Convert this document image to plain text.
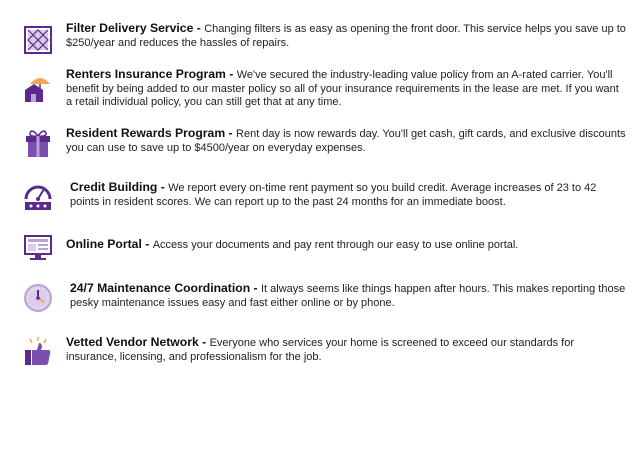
Filter Delivery Service - Changing filters is as easy as opening the front door. This service helps you save up to $250/year and reduces the hassles of repairs.
Renters Insurance Program - We've secured the industry-leading value policy from an A-rated carrier. You'll benefit by being added to our master policy so all of your insurance requirements in the lease are met. If you want a retail individual policy, you can still get that at any time.
Resident Rewards Program - Rent day is now rewards day. You'll get cash, gift cards, and exclusive discounts you can use to save up to $4500/year on everyday expenses.
Credit Building - We report every on-time rent payment so you build credit. Average increases of 23 to 42 points in resident scores. We can report up to the past 24 months for an immediate boost.
Online Portal - Access your documents and pay rent through our easy to use online portal.
24/7 Maintenance Coordination - It always seems like things happen after hours. This makes reporting those pesky maintenance issues easy and fast either online or by phone.
Vetted Vendor Network - Everyone who services your home is screened to exceed our standards for insurance, licensing, and professionalism for the job.
